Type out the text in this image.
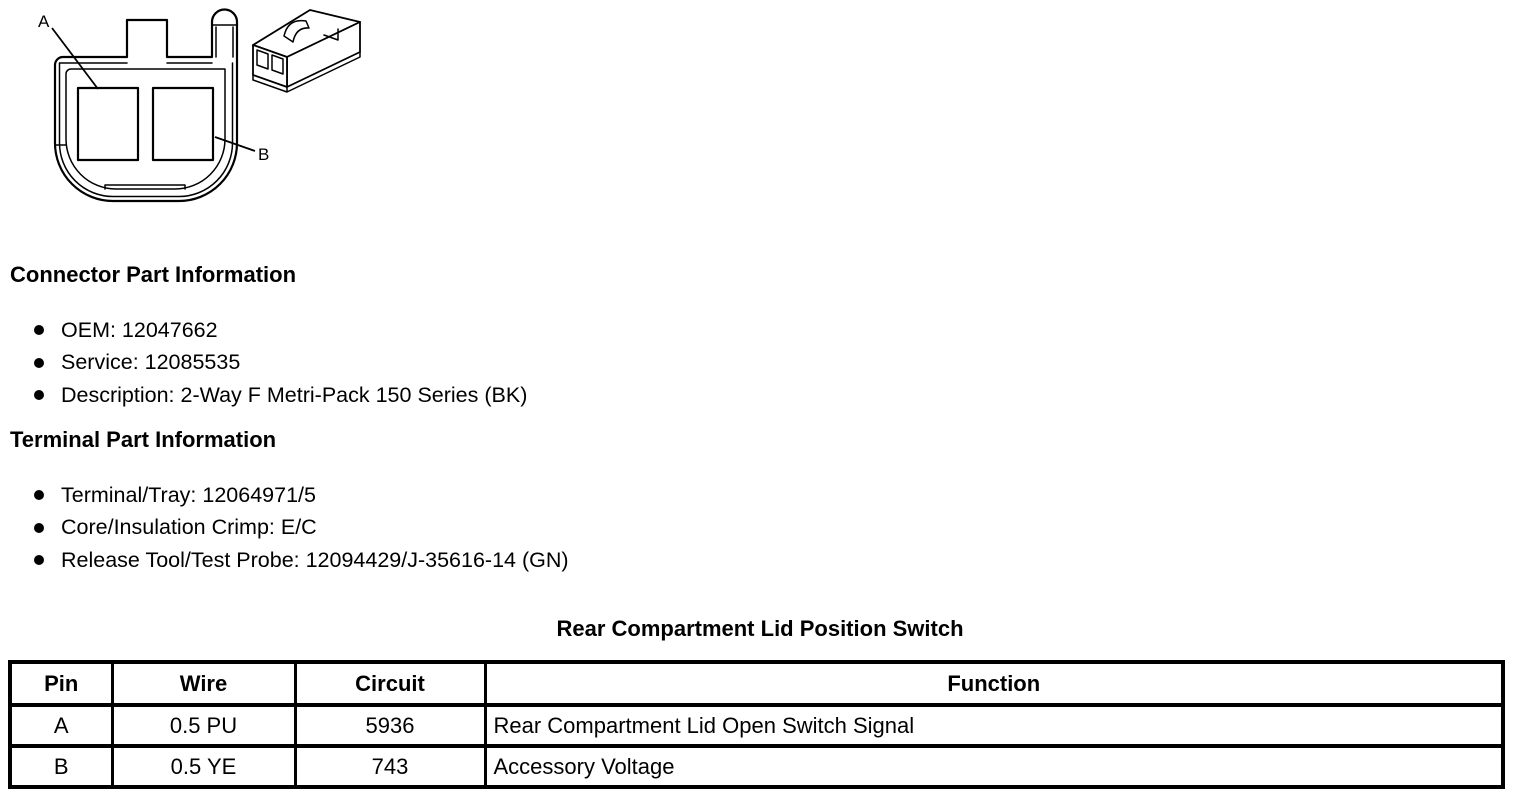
A
B
Connector Part Information
OEM: 12047662
Service: 12085535
Description: 2-Way F Metri-Pack 150 Series (BK)
Terminal Part Information
Terminal/Tray: 12064971/5
Core/Insulation Crimp: E/C
Release Tool/Test Probe: 12094429/J-35616-14 (GN)
Rear Compartment Lid Position Switch
Pin	Wire	Circuit	Function
A	0.5 PU	5936	Rear Compartment Lid Open Switch Signal
B	0.5 YE	743	Accessory Voltage
